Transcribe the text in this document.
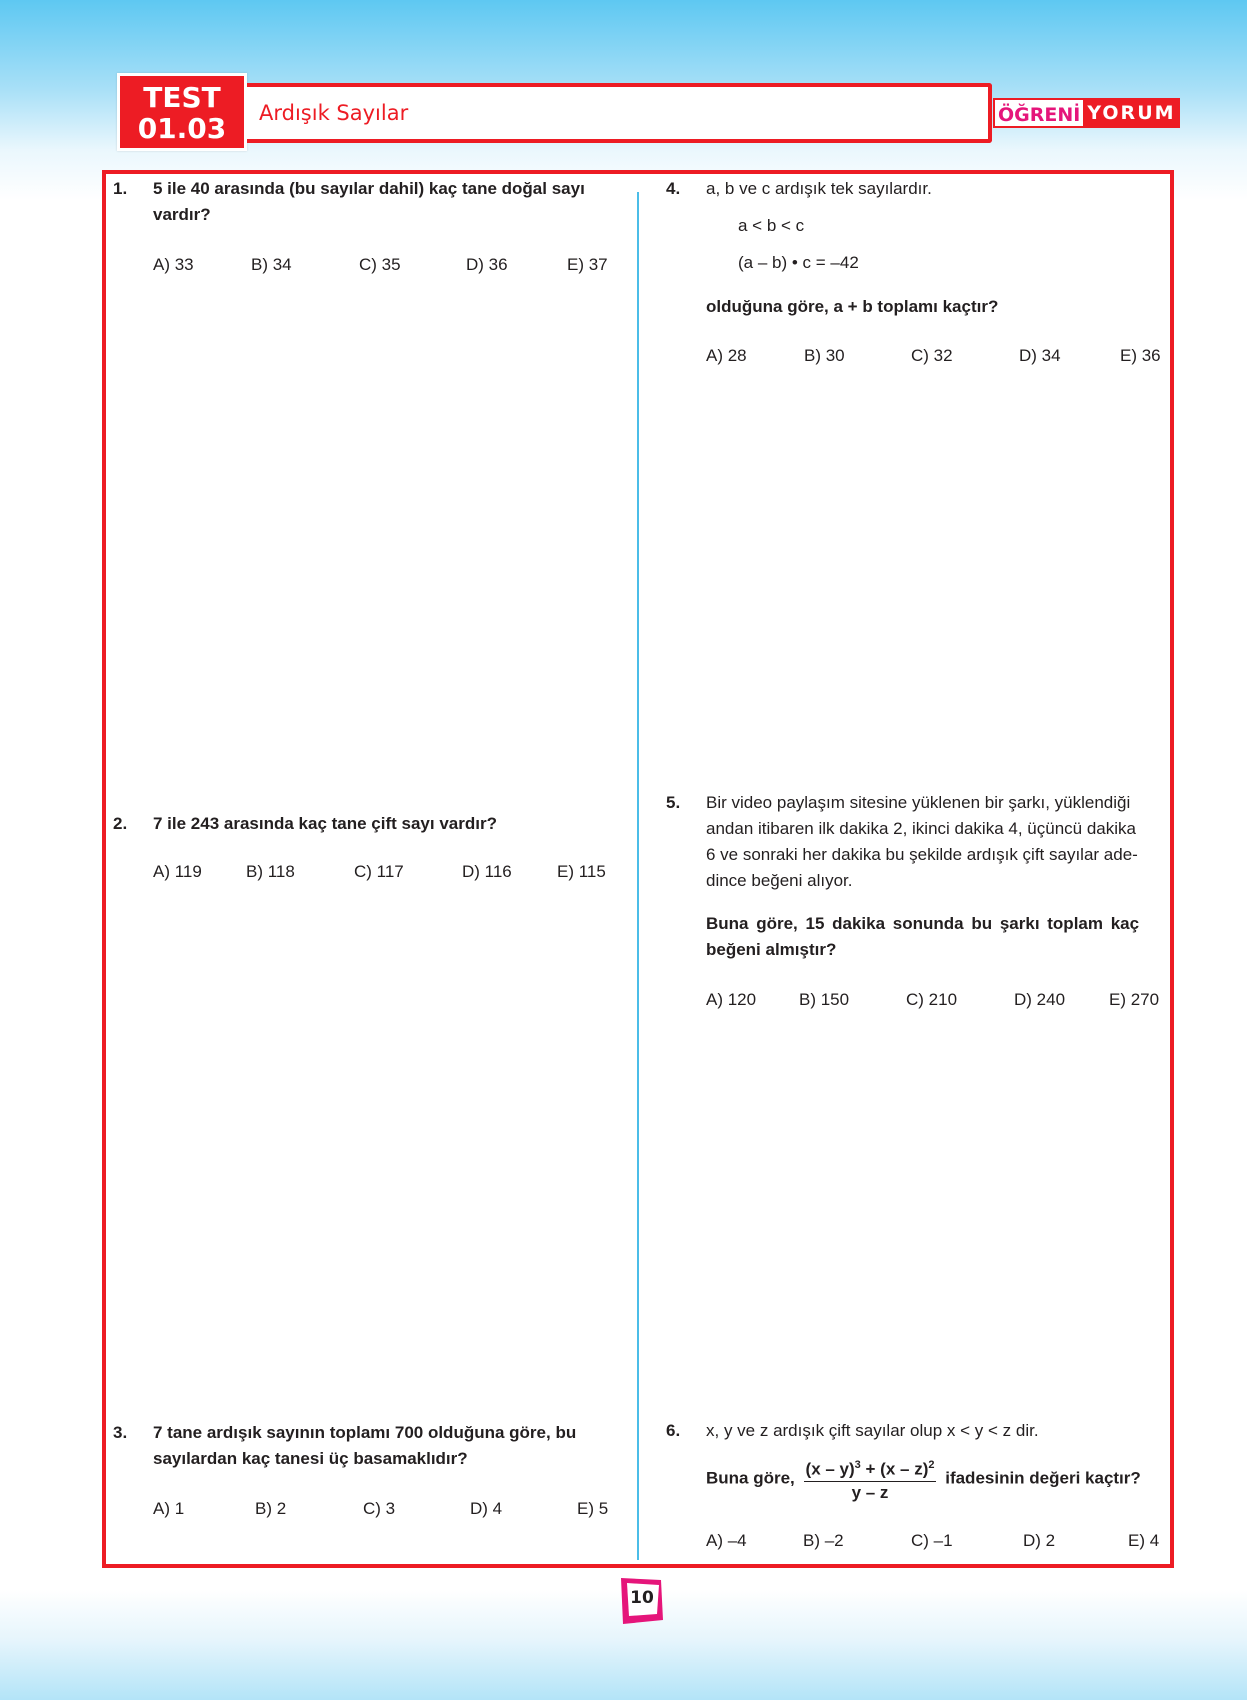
TEST
01.03	Ardışık Sayılar	ÖĞRENİ YORUM
1. 5 ile 40 arasında (bu sayılar dahil) kaç tane doğal sayı
vardır?
A) 33	B) 34	C) 35	D) 36	E) 37
2. 7 ile 243 arasında kaç tane çift sayı vardır?
A) 119	B) 118	C) 117	D) 116	E) 115
3. 7 tane ardışık sayının toplamı 700 olduğuna göre, bu
sayılardan kaç tanesi üç basamaklıdır?
A) 1	B) 2	C) 3	D) 4	E) 5
4. a, b ve c ardışık tek sayılardır.
a < b < c
(a – b) • c = –42
olduğuna göre, a + b toplamı kaçtır?
A) 28	B) 30	C) 32	D) 34	E) 36
5. Bir video paylaşım sitesine yüklenen bir şarkı, yüklendiği
andan itibaren ilk dakika 2, ikinci dakika 4, üçüncü dakika
6 ve sonraki her dakika bu şekilde ardışık çift sayılar ade-
dince beğeni alıyor.
Buna göre, 15 dakika sonunda bu şarkı toplam kaç
beğeni almıştır?
A) 120	B) 150	C) 210	D) 240	E) 270
6. x, y ve z ardışık çift sayılar olup x < y < z dir.
Buna göre, $\frac{(x - y)^3 + (x - z)^2}{y - z}$ ifadesinin değeri kaçtır?
A) –4	B) –2	C) –1	D) 2	E) 4
10
